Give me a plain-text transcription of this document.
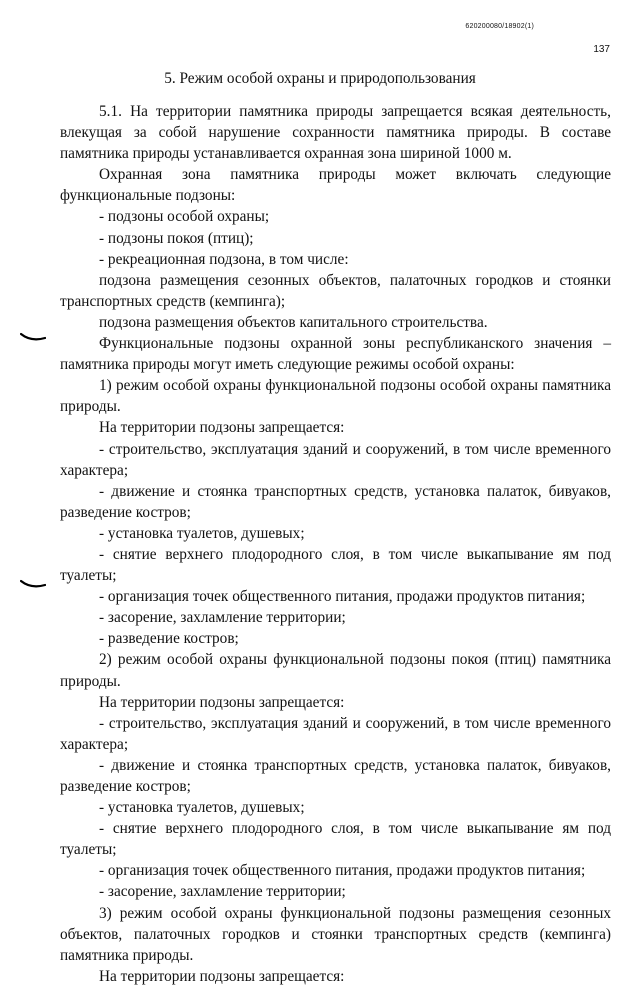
620200080/18902(1)
137
5. Режим особой охраны и природопользования

5.1. На территории памятника природы запрещается всякая деятельность, влекущая за собой нарушение сохранности памятника природы. В составе памятника природы устанавливается охранная зона шириной 1000 м.

Охранная зона памятника природы может включать следующие функциональные подзоны:

- подзоны особой охраны;

- подзоны покоя (птиц);

- рекреационная подзона, в том числе:

подзона размещения сезонных объектов, палаточных городков и стоянки транспортных средств (кемпинга);

подзона размещения объектов капитального строительства.

Функциональные подзоны охранной зоны республиканского значения – памятника природы могут иметь следующие режимы особой охраны:

1) режим особой охраны функциональной подзоны особой охраны памятника природы.

На территории подзоны запрещается:

- строительство, эксплуатация зданий и сооружений, в том числе временного характера;

- движение и стоянка транспортных средств, установка палаток, бивуаков, разведение костров;

- установка туалетов, душевых;

- снятие верхнего плодородного слоя, в том числе выкапывание ям под туалеты;

- организация точек общественного питания, продажи продуктов питания;

- засорение, захламление территории;

- разведение костров;

2) режим особой охраны функциональной подзоны покоя (птиц) памятника природы.

На территории подзоны запрещается:

- строительство, эксплуатация зданий и сооружений, в том числе временного характера;

- движение и стоянка транспортных средств, установка палаток, бивуаков, разведение костров;

- установка туалетов, душевых;

- снятие верхнего плодородного слоя, в том числе выкапывание ям под туалеты;

- организация точек общественного питания, продажи продуктов питания;

- засорение, захламление территории;

3) режим особой охраны функциональной подзоны размещения сезонных объектов, палаточных городков и стоянки транспортных средств (кемпинга) памятника природы.

На территории подзоны запрещается:
